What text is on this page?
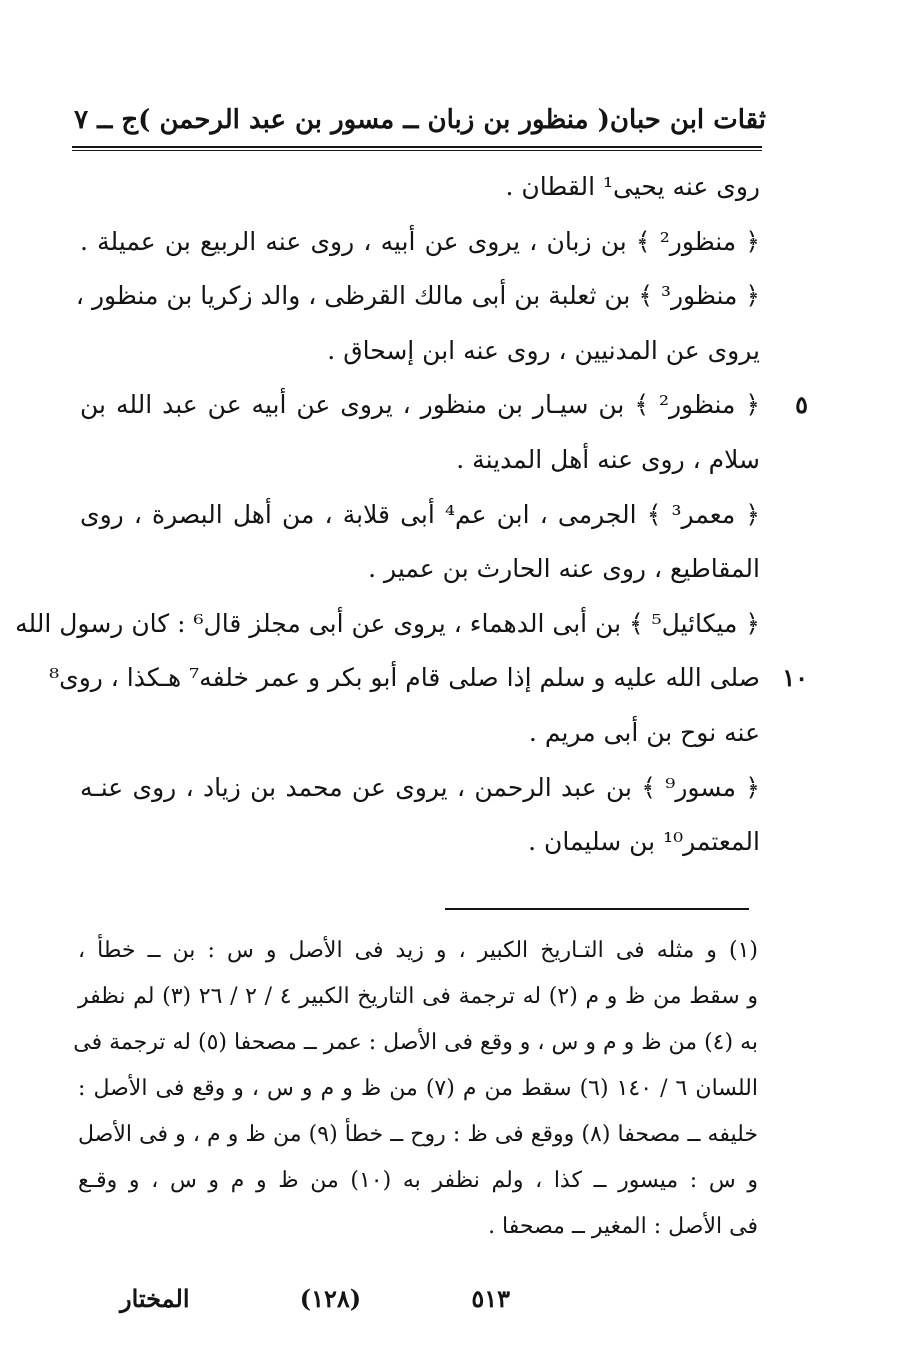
ثقات ابن حبان
( منظور بن زبان ــ مسور بن عبد الرحمن )
ج ــ ٧
روى عنه يحيى¹ القطان .
﴿ منظور² ﴾ بن زبان ، يروى عن أبيه ، روى عنه الربيع بن عميلة .
﴿ منظور³ ﴾ بن ثعلبة بن أبى مالك القرظى ، والد زكريا بن منظور ،
يروى عن المدنيين ، روى عنه ابن إسحاق .
٥
﴿ منظور² ﴾ بن سيـار بن منظور ، يروى عن أبيه عن عبد الله بن
سلام ، روى عنه أهل المدينة .
﴿ معمر³ ﴾ الجرمى ، ابن عم⁴ أبى قلابة ، من أهل البصرة ، روى
المقاطيع ، روى عنه الحارث بن عمير .
﴿ ميكائيل⁵ ﴾ بن أبى الدهماء ، يروى عن أبى مجلز قال⁶ : كان رسول الله
١٠
صلى الله عليه و سلم إذا صلى قام أبو بكر و عمر خلفه⁷ هـكذا ، روى⁸
عنه نوح بن أبى مريم .
﴿ مسور⁹ ﴾ بن عبد الرحمن ، يروى عن محمد بن زياد ، روى عنـه
المعتمر¹⁰ بن سليمان .
(١) و مثله فى التـاريخ الكبير ، و زيد فى الأصل و س : بن ــ خطأ ،
و سقط من ظ و م (٢) له ترجمة فى التاريخ الكبير ٤ / ٢ / ٢٦ (٣) لم نظفر
به (٤) من ظ و م و س ، و وقع فى الأصل : عمر ــ مصحفا (٥) له ترجمة فى
اللسان ٦ / ١٤٠ (٦) سقط من م (٧) من ظ و م و س ، و وقع فى الأصل :
خليفه ــ مصحفا (٨) ووقع فى ظ : روح ــ خطأ (٩) من ظ و م ، و فى الأصل
و س : ميسور ــ كذا ، ولم نظفر به (١٠) من ظ و م و س ، و وقـع
فى الأصل : المغير ــ مصحفا .
٥١٣
(١٢٨)
المختار
